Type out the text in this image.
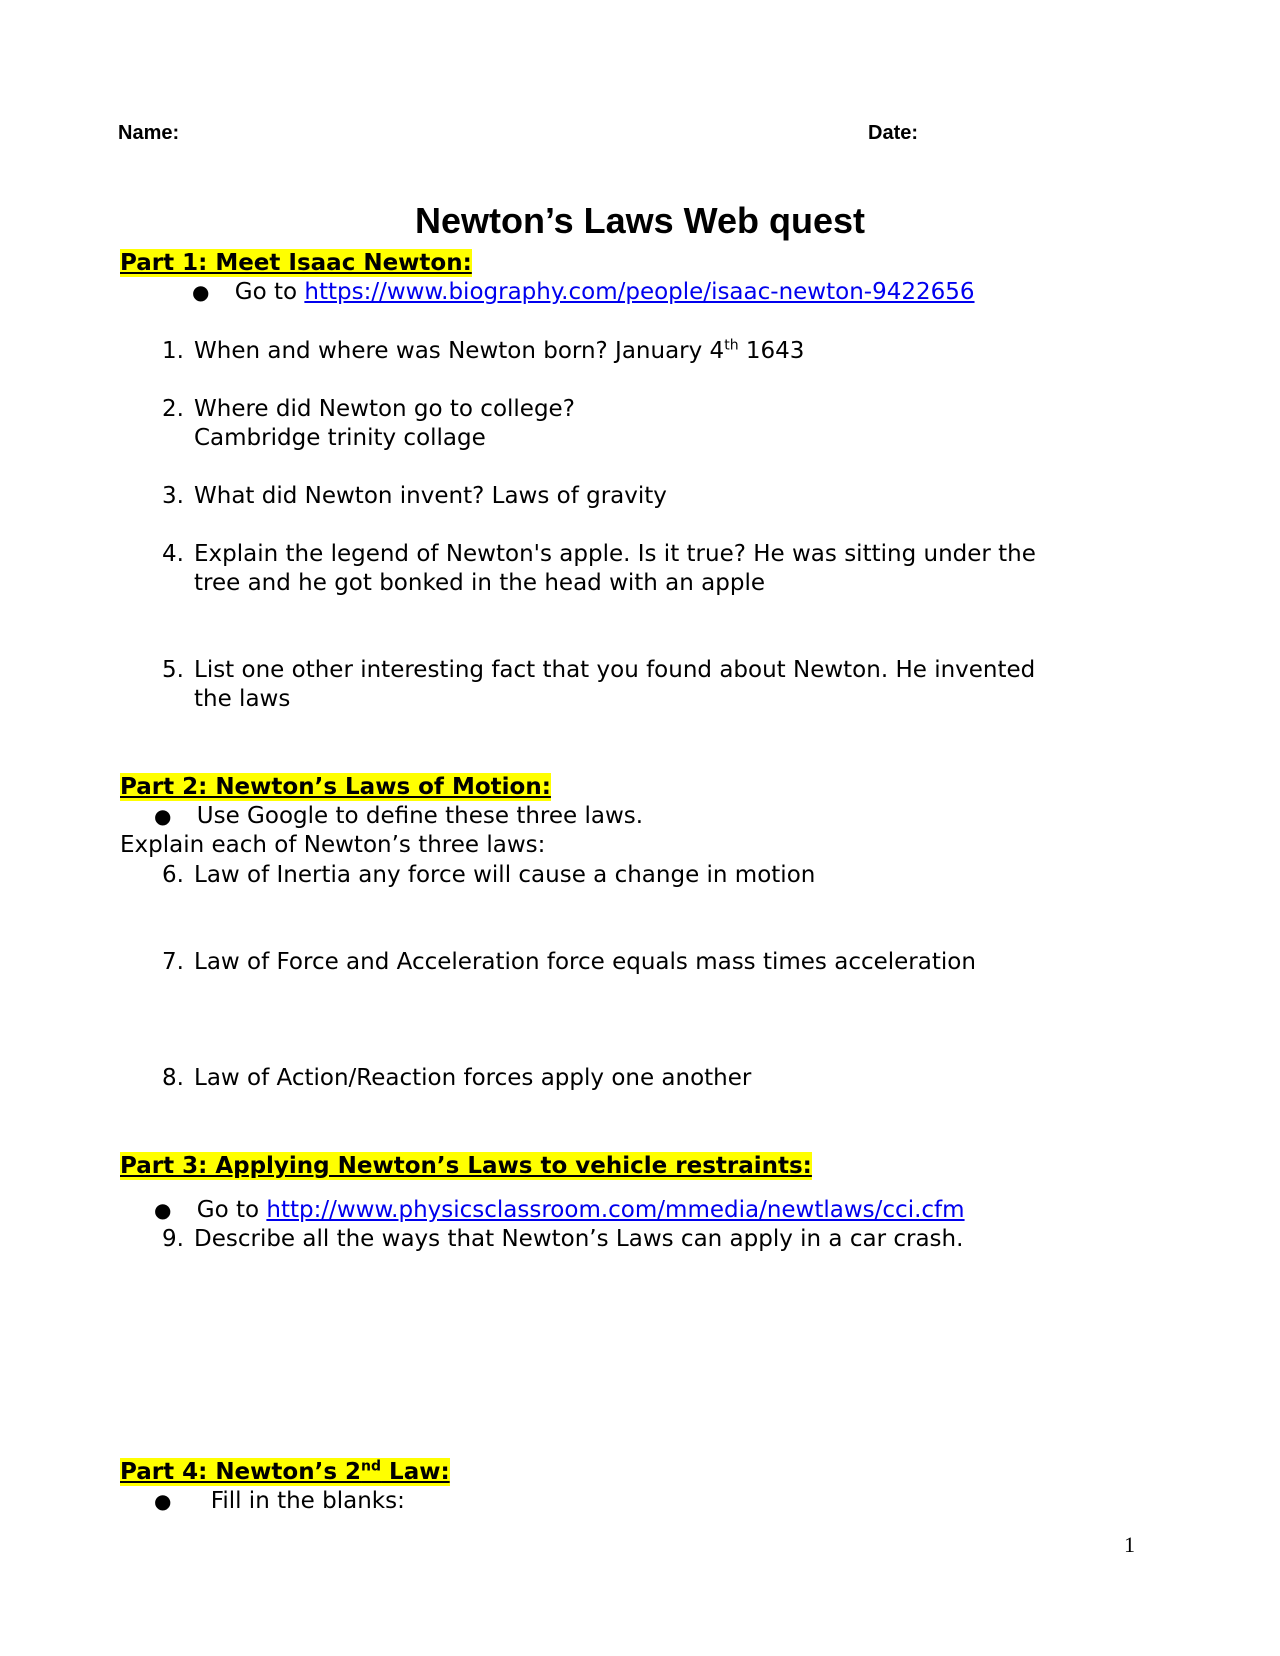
Name:	Date:
Newton’s Laws Web quest
Part 1: Meet Isaac Newton:
● Go to https://www.biography.com/people/isaac-newton-9422656
1. When and where was Newton born? January 4th 1643
2. Where did Newton go to college?
Cambridge trinity collage
3. What did Newton invent? Laws of gravity
4. Explain the legend of Newton's apple. Is it true? He was sitting under the
tree and he got bonked in the head with an apple
5. List one other interesting fact that you found about Newton. He invented
the laws
Part 2: Newton’s Laws of Motion:
● Use Google to define these three laws.
Explain each of Newton’s three laws:
6. Law of Inertia any force will cause a change in motion
7. Law of Force and Acceleration force equals mass times acceleration
8. Law of Action/Reaction forces apply one another
Part 3: Applying Newton’s Laws to vehicle restraints:
● Go to http://www.physicsclassroom.com/mmedia/newtlaws/cci.cfm
9. Describe all the ways that Newton’s Laws can apply in a car crash.
Part 4: Newton’s 2nd Law:
● Fill in the blanks:
1
